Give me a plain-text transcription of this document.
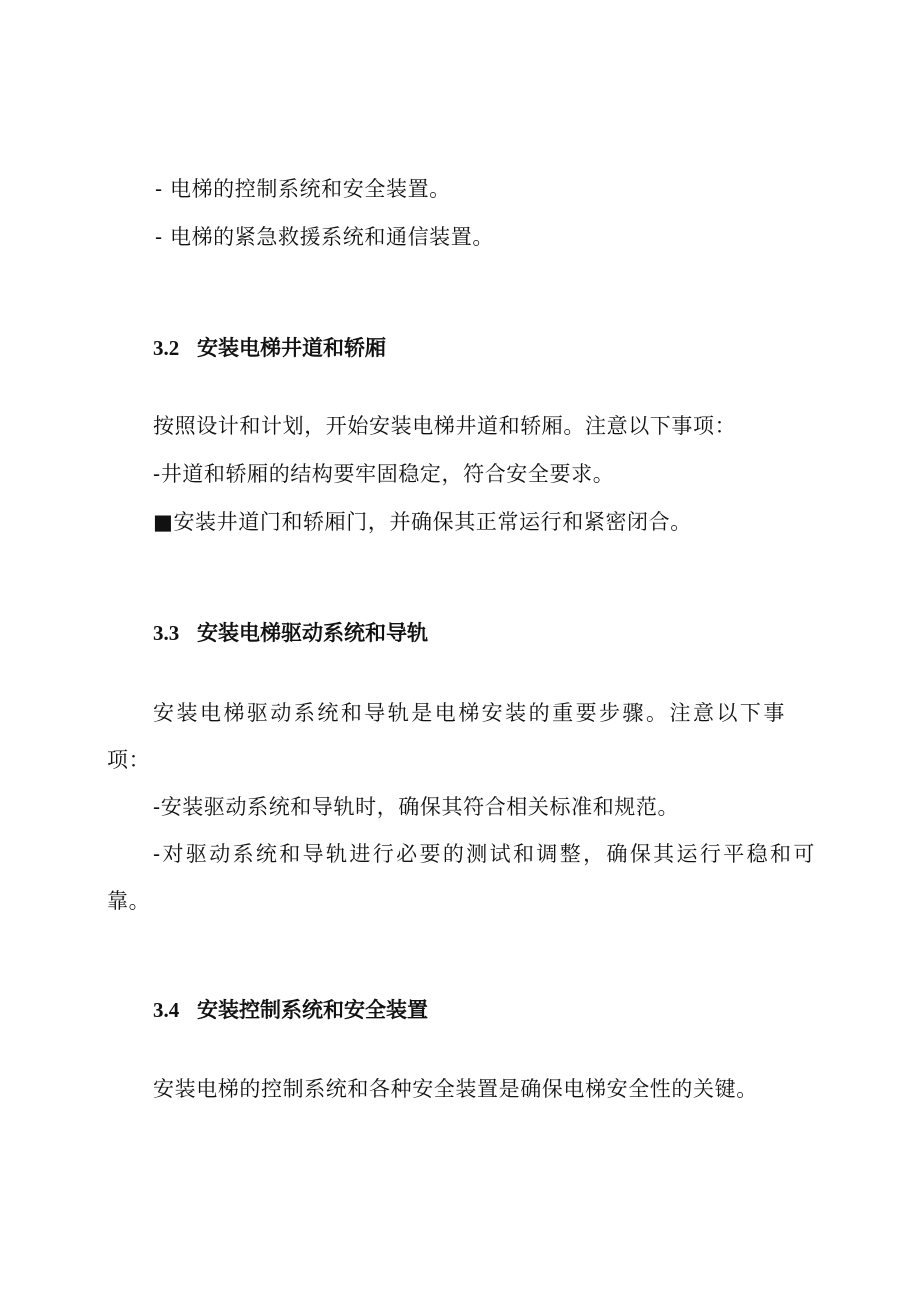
- 电梯的控制系统和安全装置。

- 电梯的紧急救援系统和通信装置。

3.2 安装电梯井道和轿厢

按照设计和计划，开始安装电梯井道和轿厢。注意以下事项：

-井道和轿厢的结构要牢固稳定，符合安全要求。

■安装井道门和轿厢门，并确保其正常运行和紧密闭合。

3.3 安装电梯驱动系统和导轨

安装电梯驱动系统和导轨是电梯安装的重要步骤。注意以下事

项：

-安装驱动系统和导轨时，确保其符合相关标准和规范。

-对驱动系统和导轨进行必要的测试和调整，确保其运行平稳和可

靠。

3.4 安装控制系统和安全装置

安装电梯的控制系统和各种安全装置是确保电梯安全性的关键。
